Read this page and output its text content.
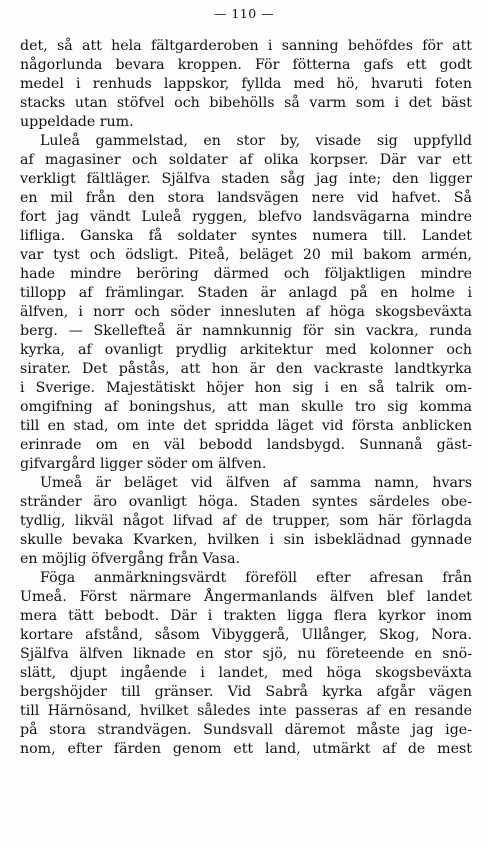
— 110 —
det, så att hela fältgarderoben i sanning behöfdes för att
någorlunda bevara kroppen. För fötterna gafs ett godt
medel i renhuds lappskor, fyllda med hö, hvaruti foten
stacks utan stöfvel och bibehölls så varm som i det bäst
uppeldade rum.
Luleå gammelstad, en stor by, visade sig uppfylld
af magasiner och soldater af olika korpser. Där var ett
verkligt fältläger. Själfva staden såg jag inte; den ligger
en mil från den stora landsvägen nere vid hafvet. Så
fort jag vändt Luleå ryggen, blefvo landsvägarna mindre
lifliga. Ganska få soldater syntes numera till. Landet
var tyst och ödsligt. Piteå, beläget 20 mil bakom armén,
hade mindre beröring därmed och följaktligen mindre
tillopp af främlingar. Staden är anlagd på en holme i
älfven, i norr och söder innesluten af höga skogsbeväxta
berg. — Skellefteå är namnkunnig för sin vackra, runda
kyrka, af ovanligt prydlig arkitektur med kolonner och
sirater. Det påstås, att hon är den vackraste landtkyrka
i Sverige. Majestätiskt höjer hon sig i en så talrik om-
omgifning af boningshus, att man skulle tro sig komma
till en stad, om inte det spridda läget vid första anblicken
erinrade om en väl bebodd landsbygd. Sunnanå gäst-
gifvargård ligger söder om älfven.
Umeå är beläget vid älfven af samma namn, hvars
stränder äro ovanligt höga. Staden syntes särdeles obe-
tydlig, likväl något lifvad af de trupper, som här förlagda
skulle bevaka Kvarken, hvilken i sin isbeklädnad gynnade
en möjlig öfvergång från Vasa.
Föga anmärkningsvärdt föreföll efter afresan från
Umeå. Först närmare Ångermanlands älfven blef landet
mera tätt bebodt. Där i trakten ligga flera kyrkor inom
kortare afstånd, såsom Vibyggerå, Ullånger, Skog, Nora.
Själfva älfven liknade en stor sjö, nu företeende en snö-
slätt, djupt ingående i landet, med höga skogsbeväxta
bergshöjder till gränser. Vid Sabrå kyrka afgår vägen
till Härnösand, hvilket således inte passeras af en resande
på stora strandvägen. Sundsvall däremot måste jag ige-
nom, efter färden genom ett land, utmärkt af de mest
